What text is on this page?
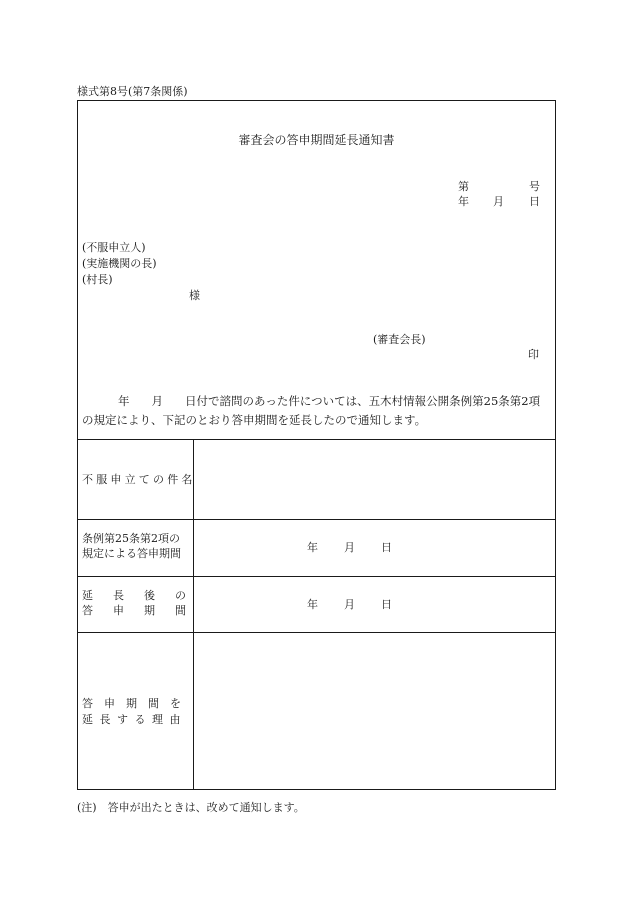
様式第8号(第7条関係)
審査会の答申期間延長通知書
第	号
年 月 日
(不服申立人)
(実施機関の長)
(村長)
様
(審査会長)
印
年 月 日付で諮問のあった件については、五木村情報公開条例第25条第2項
の規定により、下記のとおり答申期間を延長したので通知します。
不服申立ての件名
条例第25条第2項の
規定による答申期間	年 月 日
延長後の
答申期間	年 月 日
答申期間を
延長する理由
(注)　答申が出たときは、改めて通知します。
